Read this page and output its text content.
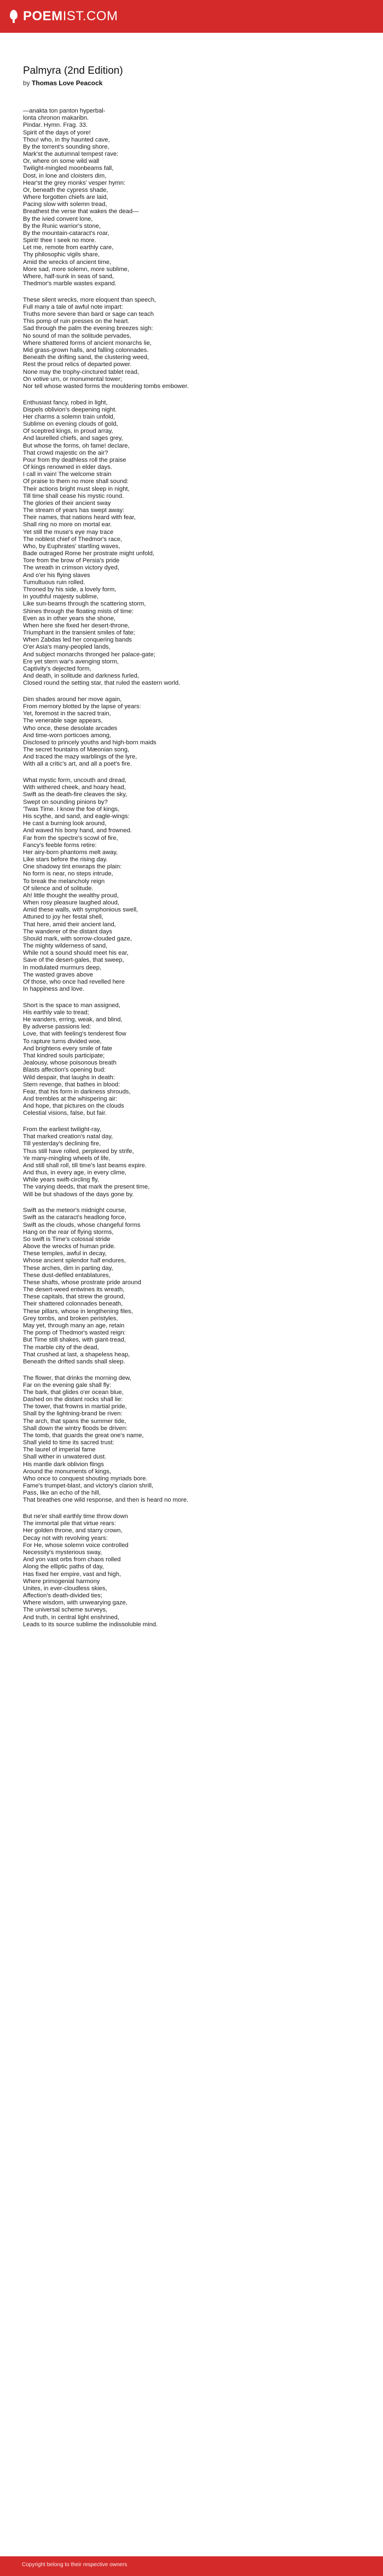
POEMIST.COM
Palmyra (2nd Edition)
by Thomas Love Peacock
—anakta ton panton hyperbal-
lonta chronon makaribn.
Pindar. Hymn. Frag. 33.
Spirit of the days of yore!
Thou! who, in thy haunted cave,
By the torrent's sounding shore,
Mark'st the autumnal tempest rave:
Or, where on some wild wall
Twilight-mingled moonbeams fall,
Dost, in lone and cloisters dim,
Hear'st the grey monks' vesper hymn:
Or, beneath the cypress shade,
Where forgotten chiefs are laid,
Pacing slow with solemn tread,
Breathest the verse that wakes the dead—
By the ivied convent lone,
By the Runic warrior's stone,
By the mountain-cataract's roar,
Spirit! thee I seek no more.
Let me, remote from earthly care,
Thy philosophic vigils share,
Amid the wrecks of ancient time,
More sad, more solemn, more sublime,
Where, half-sunk in seas of sand,
Thedmor's marble wastes expand.
These silent wrecks, more eloquent than speech,
Full many a tale of awful note impart:
Truths more severe than bard or sage can teach
This pomp of ruin presses on the heart.
Sad through the palm the evening breezes sigh:
No sound of man the solitude pervades,
Where shattered forms of ancient monarchs lie,
Mid grass-grown halls, and falling colonnades.
Beneath the drifting sand, the clustering weed,
Rest the proud relics of departed power.
None may the trophy-cinctured tablet read,
On votive urn, or monumental tower;
Nor tell whose wasted forms the mouldering tombs embower.
Enthusiast fancy, robed in light,
Dispels oblivion's deepening night.
Her charms a solemn train unfold,
Sublime on evening clouds of gold,
Of sceptred kings, in proud array,
And laurelled chiefs, and sages grey,
But whose the forms, oh fame! declare,
That crowd majestic on the air?
Pour from thy deathless roll the praise
Of kings renowned in elder days.
I call in vain! The welcome strain
Of praise to them no more shall sound:
Their actions bright must sleep in night,
Till time shall cease his mystic round.
The glories of their ancient sway
The stream of years has swept away:
Their names, that nations heard with fear,
Shall ring no more on mortal ear.
Yet still the muse's eye may trace
The noblest chief of Thedmor's race,
Who, by Euphrates' startling waves,
Bade outraged Rome her prostrate might unfold,
Tore from the brow of Persia's pride
The wreath in crimson victory dyed,
And o'er his flying slaves
Tumultuous ruin rolled.
Throned by his side, a lovely form,
In youthful majesty sublime,
Like sun-beams through the scattering storm,
Shines through the floating mists of time:
Even as in other years she shone,
When here she fixed her desert-throne,
Triumphant in the transient smiles of fate;
When Zabdas led her conquering bands
O'er Asia's many-peopled lands,
And subject monarchs thronged her palace-gate;
Ere yet stern war's avenging storm,
Captivity's dejected form,
And death, in solitude and darkness furled,
Closed round the setting star, that ruled the eastern world.
Dim shades around her move again,
From memory blotted by the lapse of years:
Yet, foremost in the sacred train,
The venerable sage appears,
Who once, these desolate arcades
And time-worn porticoes among,
Disclosed to princely youths and high-born maids
The secret fountains of Mæonian song,
And traced the mazy warblings of the lyre,
With all a critic's art, and all a poet's fire.
What mystic form, uncouth and dread,
With withered cheek, and hoary head,
Swift as the death-fire cleaves the sky,
Swept on sounding pinions by?
'Twas Time. I know the foe of kings,
His scythe, and sand, and eagle-wings:
He cast a burning look around,
And waved his bony hand, and frowned.
Far from the spectre's scowl of fire,
Fancy's feeble forms retire:
Her airy-born phantoms melt away,
Like stars before the rising day.
One shadowy tint enwraps the plain:
No form is near, no steps intrude,
To break the melancholy reign
Of silence and of solitude.
Ah! little thought the wealthy proud,
When rosy pleasure laughed aloud,
Amid these walls, with symphonious swell,
Attuned to joy her festal shell,
That here, amid their ancient land,
The wanderer of the distant days
Should mark, with sorrow-clouded gaze,
The mighty wilderness of sand,
While not a sound should meet his ear,
Save of the desert-gales, that sweep,
In modulated murmurs deep,
The wasted graves above
Of those, who once had revelled here
In happiness and love.
Short is the space to man assigned,
His earthly vale to tread;
He wanders, erring, weak, and blind,
By adverse passions led:
Love, that with feeling's tenderest flow
To rapture turns divided woe,
And brightens every smile of fate
That kindred souls participate;
Jealousy, whose poisonous breath
Blasts affection's opening bud:
Wild despair, that laughs in death:
Stern revenge, that bathes in blood:
Fear, that his form in darkness shrouds,
And trembles at the whispering air:
And hope, that pictures on the clouds
Celestial visions, false, but fair.
From the earliest twilight-ray,
That marked creation's natal day,
Till yesterday's declining fire,
Thus still have rolled, perplexed by strife,
Ye many-mingling wheels of life,
And still shall roll, till time's last beams expire.
And thus, in every age, in every clime,
While years swift-circling fly,
The varying deeds, that mark the present time,
Will be but shadows of the days gone by.
Swift as the meteor's midnight course,
Swift as the cataract's headlong force,
Swift as the clouds, whose changeful forms
Hang on the rear of flying storms,
So swift is Time's colossal stride
Above the wrecks of human pride.
These temples, awful in decay,
Whose ancient splendor half endures,
These arches, dim in parting day,
These dust-defiled entablatures,
These shafts, whose prostrate pride around
The desert-weed entwines its wreath,
These capitals, that strew the ground,
Their shattered colonnades beneath,
These pillars, whose in lengthening files,
Grey tombs, and broken peristyles,
May yet, through many an age, retain
The pomp of Thedmor's wasted reign:
But Time still shakes, with giant-tread,
The marble city of the dead,
That crushed at last, a shapeless heap,
Beneath the drifted sands shall sleep.
The flower, that drinks the morning dew,
Far on the evening gale shall fly:
The bark, that glides o'er ocean blue,
Dashed on the distant rocks shall lie:
The tower, that frowns in martial pride,
Shall by the lightning-brand be riven:
The arch, that spans the summer tide,
Shall down the wintry floods be driven:
The tomb, that guards the great one's name,
Shall yield to time its sacred trust:
The laurel of imperial fame
Shall wither in unwatered dust.
His mantle dark oblivion flings
Around the monuments of kings,
Who once to conquest shouting myriads bore.
Fame's trumpet-blast, and victory's clarion shrill,
Pass, like an echo of the hill,
That breathes one wild response, and then is heard no more.
But ne'er shall earthly time throw down
The immortal pile that virtue rears:
Her golden throne, and starry crown,
Decay not with revolving years:
For He, whose solemn voice controlled
Necessity's mysterious sway,
And yon vast orbs from chaos rolled
Along the elliptic paths of day,
Has fixed her empire, vast and high,
Where primogenial harmony
Unites, in ever-cloudless skies,
Affection's death-divided ties;
Where wisdom, with unwearying gaze,
The universal scheme surveys,
And truth, in central light enshrined,
Leads to its source sublime the indissoluble mind.
Copyright belong to their respective owners
